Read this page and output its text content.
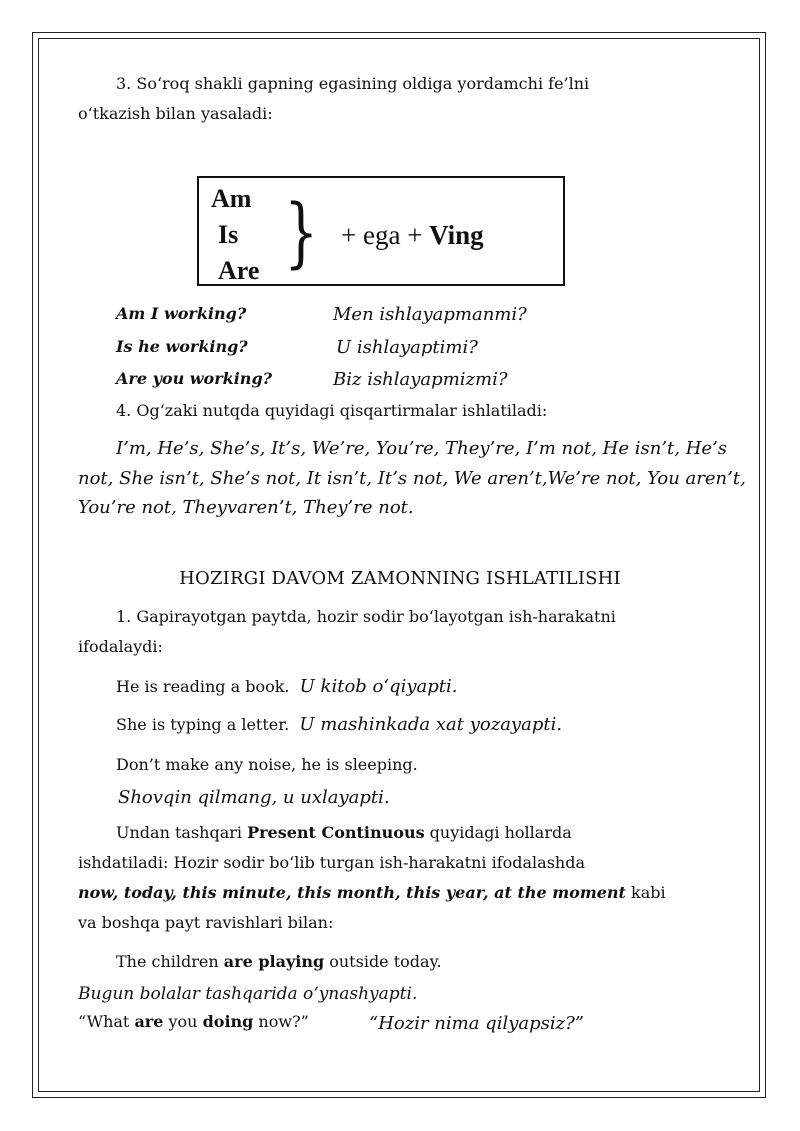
3. So‘roq shakli gapning egasining oldiga yordamchi fe’lni
o‘tkazish bilan yasaladi:
Am
Is
Are } + ega + Ving
Am I working?	Men ishlayapmanmi?
Is he working?	U ishlayaptimi?
Are you working?	Biz ishlayapmizmi?
4. Og‘zaki nutqda quyidagi qisqartirmalar ishlatiladi:
I’m, He’s, She’s, It’s, We’re, You’re, They’re, I’m not, He isn’t, He’s
not, She isn’t, She’s not, It isn’t, It’s not, We aren’t,We’re not, You aren’t,
You’re not, Theyvaren’t, They’re not.
HOZIRGI DAVOM ZAMONNING ISHLATILISHI
1. Gapirayotgan paytda, hozir sodir bo‘layotgan ish-harakatni
ifodalaydi:
He is reading a book. U kitob o‘qiyapti.
She is typing a letter. U mashinkada xat yozayapti.
Don’t make any noise, he is sleeping.
Shovqin qilmang, u uxlayapti.
Undan tashqari Present Continuous quyidagi hollarda
ishdatiladi: Hozir sodir bo‘lib turgan ish-harakatni ifodalashda
now, today, this minute, this month, this year, at the moment kabi
va boshqa payt ravishlari bilan:
The children are playing outside today.
Bugun bolalar tashqarida o‘ynashyapti.
“What are you doing now?”	“Hozir nima qilyapsiz?”
